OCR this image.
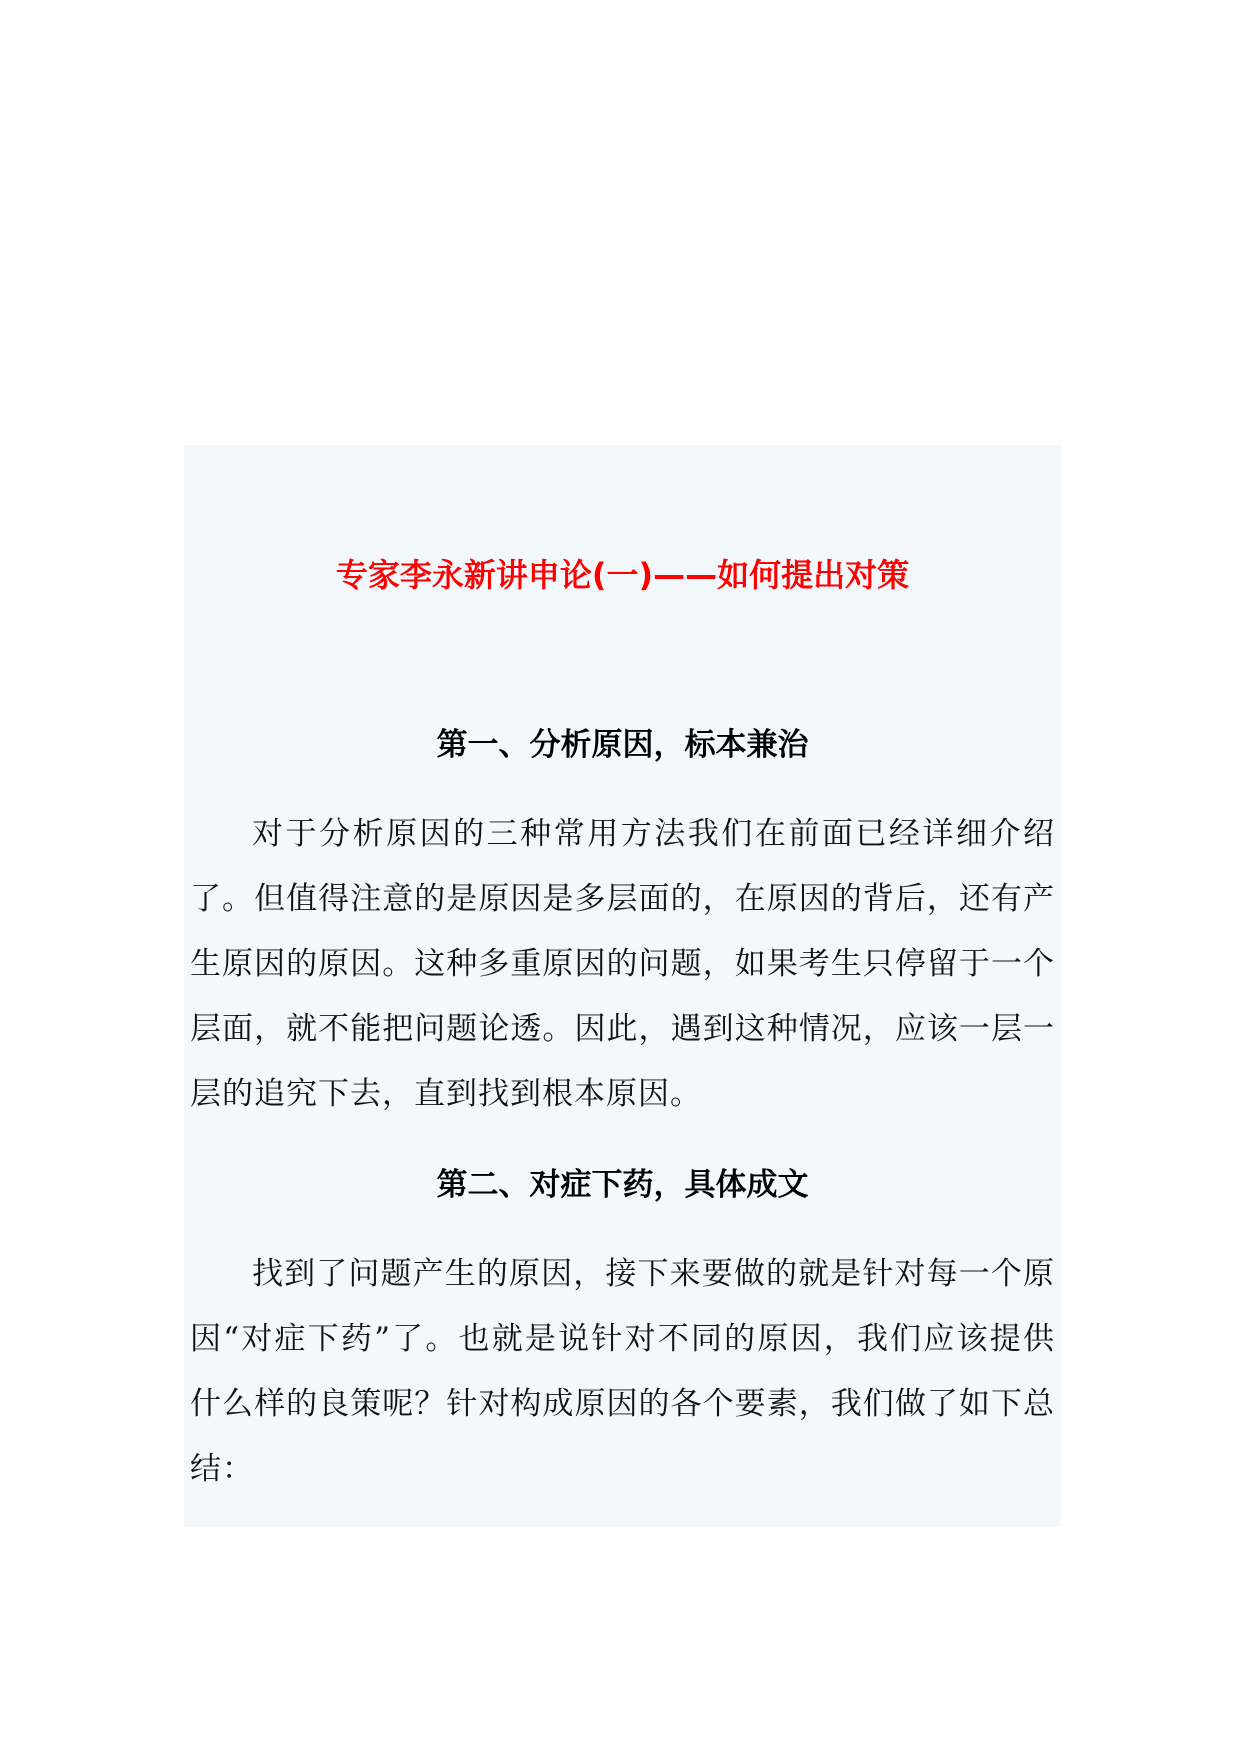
专家李永新讲申论(一)——如何提出对策
第一、分析原因，标本兼治

对于分析原因的三种常用方法我们在前面已经详细介绍了。但值得注意的是原因是多层面的，在原因的背后，还有产生原因的原因。这种多重原因的问题，如果考生只停留于一个层面，就不能把问题论透。因此，遇到这种情况，应该一层一层的追究下去，直到找到根本原因。

第二、对症下药，具体成文

找到了问题产生的原因，接下来要做的就是针对每一个原因“对症下药”了。也就是说针对不同的原因，我们应该提供什么样的良策呢？针对构成原因的各个要素，我们做了如下总结：
